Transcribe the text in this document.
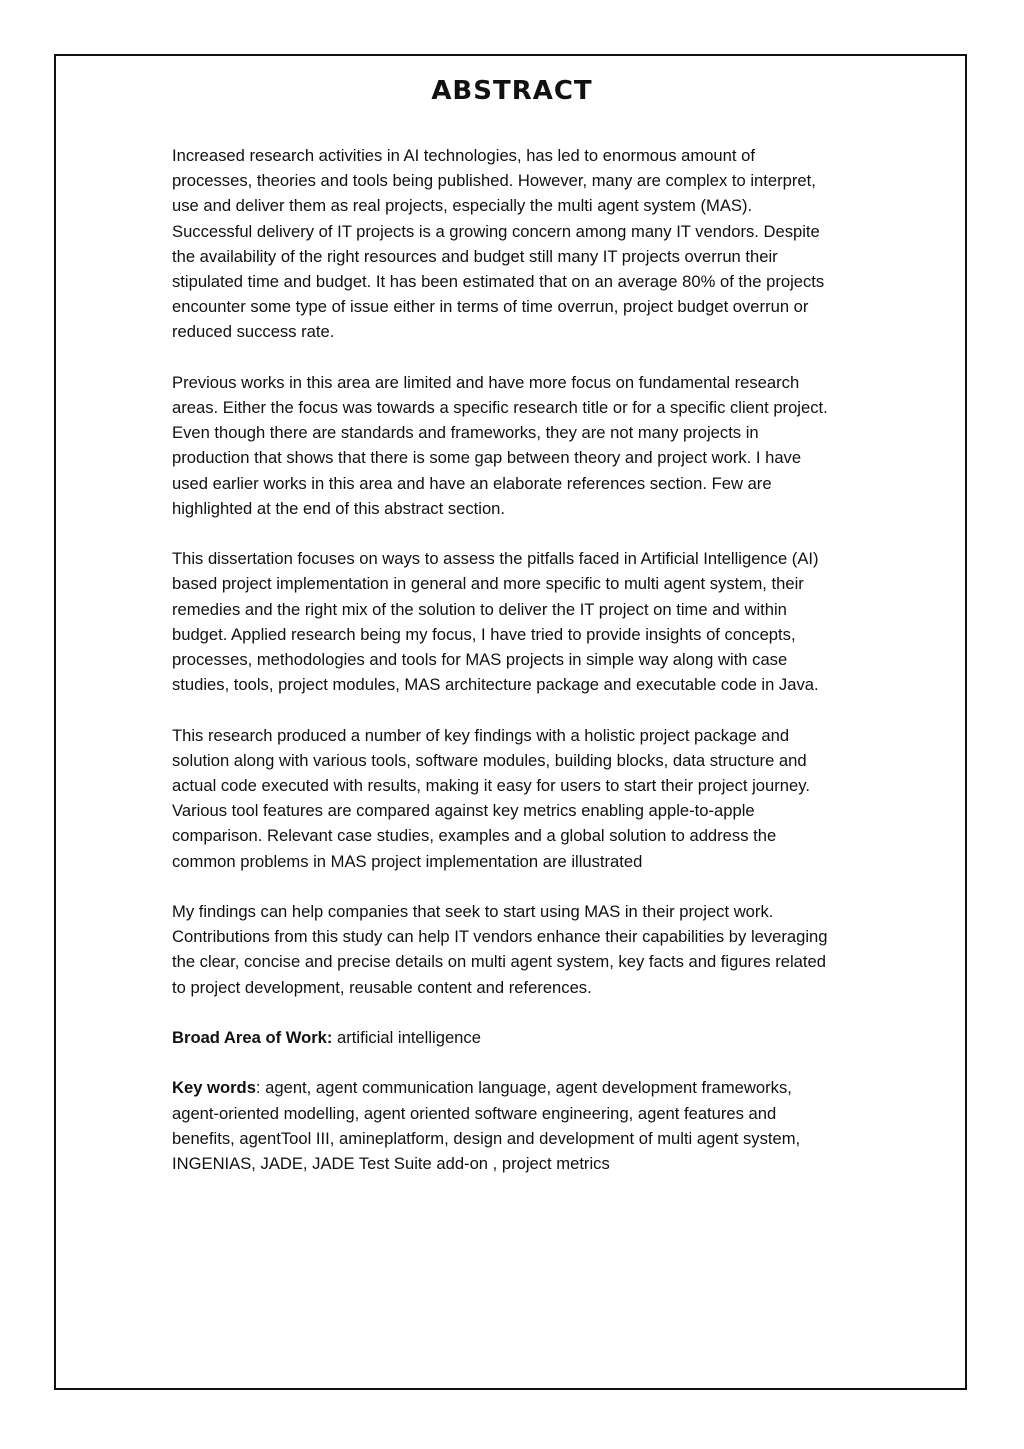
ABSTRACT

Increased research activities in AI technologies, has led to enormous amount of
processes, theories and tools being published. However, many are complex to interpret,
use and deliver them as real projects, especially the multi agent system (MAS).
Successful delivery of IT projects is a growing concern among many IT vendors. Despite
the availability of the right resources and budget still many IT projects overrun their
stipulated time and budget. It has been estimated that on an average 80% of the projects
encounter some type of issue either in terms of time overrun, project budget overrun or
reduced success rate.

Previous works in this area are limited and have more focus on fundamental research
areas. Either the focus was towards a specific research title or for a specific client project.
Even though there are standards and frameworks, they are not many projects in
production that shows that there is some gap between theory and project work. I have
used earlier works in this area and have an elaborate references section. Few are
highlighted at the end of this abstract section.

This dissertation focuses on ways to assess the pitfalls faced in Artificial Intelligence (AI)
based project implementation in general and more specific to multi agent system, their
remedies and the right mix of the solution to deliver the IT project on time and within
budget. Applied research being my focus, I have tried to provide insights of concepts,
processes, methodologies and tools for MAS projects in simple way along with case
studies, tools, project modules, MAS architecture package and executable code in Java.

This research produced a number of key findings with a holistic project package and
solution along with various tools, software modules, building blocks, data structure and
actual code executed with results, making it easy for users to start their project journey.
Various tool features are compared against key metrics enabling apple-to-apple
comparison. Relevant case studies, examples and a global solution to address the
common problems in MAS project implementation are illustrated

My findings can help companies that seek to start using MAS in their project work.
Contributions from this study can help IT vendors enhance their capabilities by leveraging
the clear, concise and precise details on multi agent system, key facts and figures related
to project development, reusable content and references.

Broad Area of Work: artificial intelligence

Key words: agent, agent communication language, agent development frameworks,
agent-oriented modelling, agent oriented software engineering, agent features and
benefits, agentTool III, amineplatform, design and development of multi agent system,
INGENIAS, JADE, JADE Test Suite add-on , project metrics
